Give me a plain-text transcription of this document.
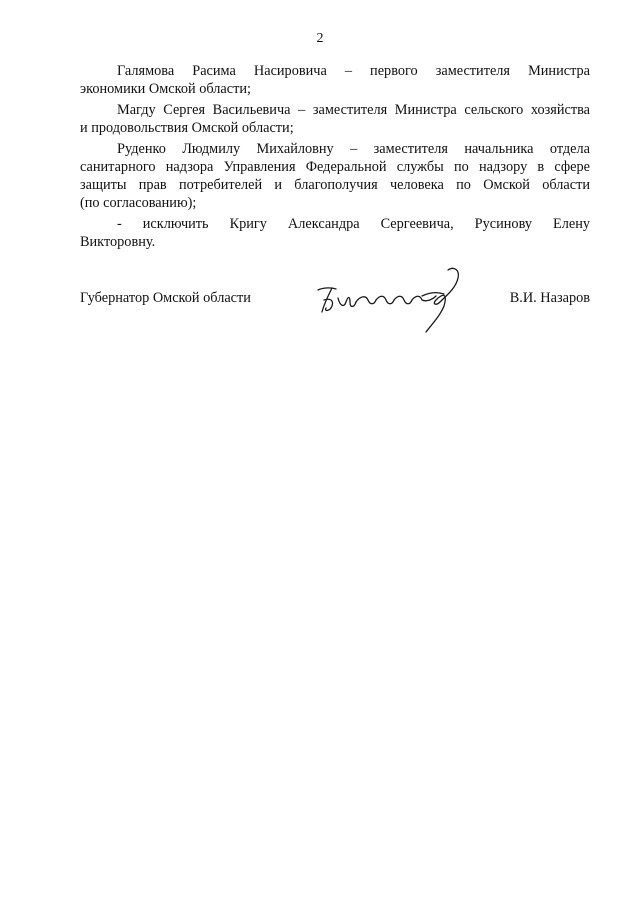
2

Галямова Расима Насировича – первого заместителя Министра
экономики Омской области;

Магду Сергея Васильевича – заместителя Министра сельского хозяйства
и продовольствия Омской области;

Руденко Людмилу Михайловну – заместителя начальника отдела
санитарного надзора Управления Федеральной службы по надзору в сфере
защиты прав потребителей и благополучия человека по Омской области
(по согласованию);

- исключить Кригу Александра Сергеевича, Русинову Елену
Викторовну.

Губернатор Омской области	В.И. Назаров
